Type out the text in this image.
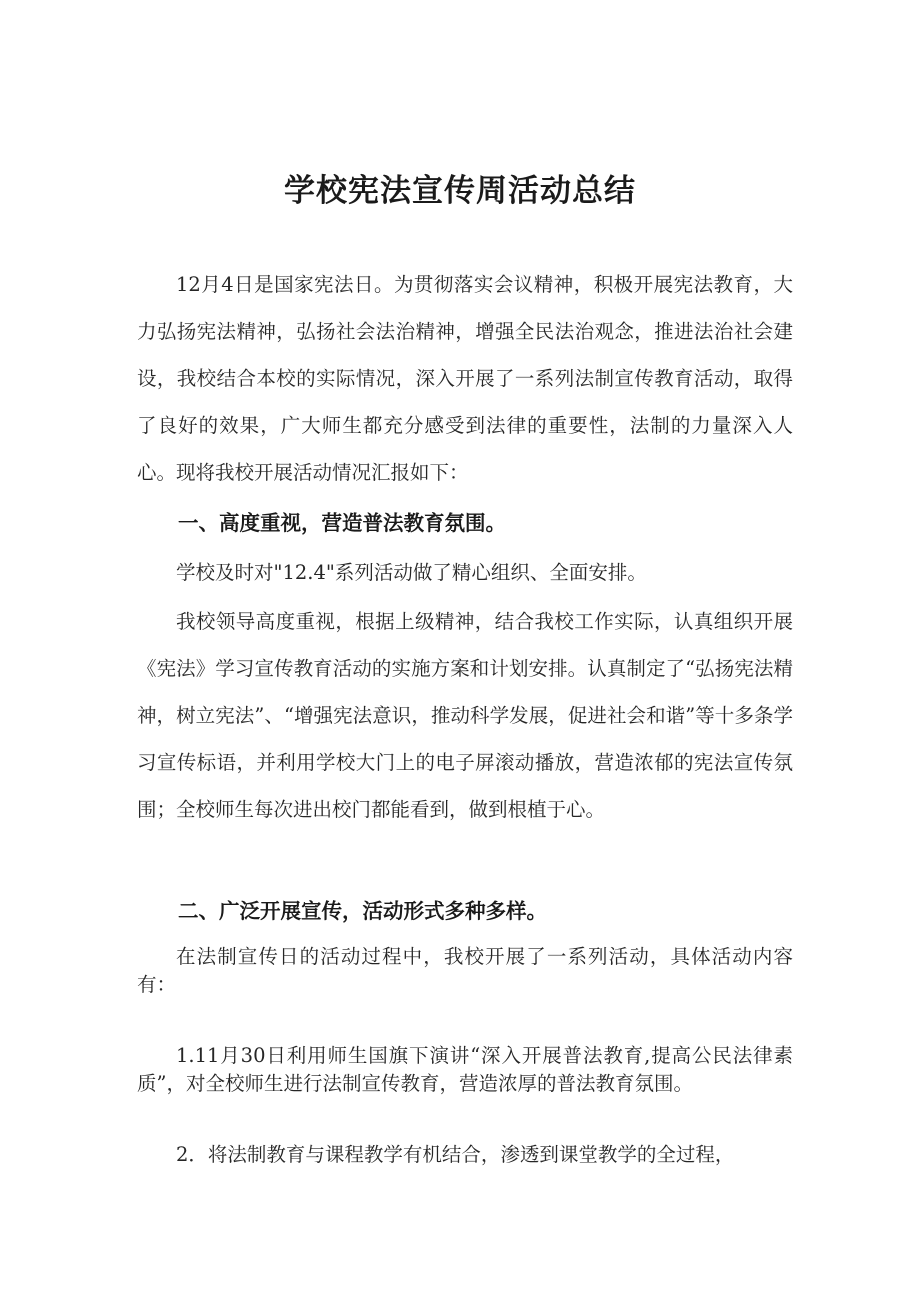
学校宪法宣传周活动总结

12月4日是国家宪法日。为贯彻落实会议精神，积极开展宪法教育，大力弘扬宪法精神，弘扬社会法治精神，增强全民法治观念，推进法治社会建设，我校结合本校的实际情况，深入开展了一系列法制宣传教育活动，取得了良好的效果，广大师生都充分感受到法律的重要性，法制的力量深入人心。现将我校开展活动情况汇报如下：

一、高度重视，营造普法教育氛围。

学校及时对"12.4"系列活动做了精心组织、全面安排。

我校领导高度重视，根据上级精神，结合我校工作实际，认真组织开展《宪法》学习宣传教育活动的实施方案和计划安排。认真制定了“弘扬宪法精神，树立宪法”、“增强宪法意识，推动科学发展，促进社会和谐”等十多条学习宣传标语，并利用学校大门上的电子屏滚动播放，营造浓郁的宪法宣传氛围；全校师生每次进出校门都能看到，做到根植于心。

二、广泛开展宣传，活动形式多种多样。

在法制宣传日的活动过程中，我校开展了一系列活动，具体活动内容有：

1.11月30日利用师生国旗下演讲“深入开展普法教育,提高公民法律素质”，对全校师生进行法制宣传教育，营造浓厚的普法教育氛围。

2．将法制教育与课程教学有机结合，渗透到课堂教学的全过程，
